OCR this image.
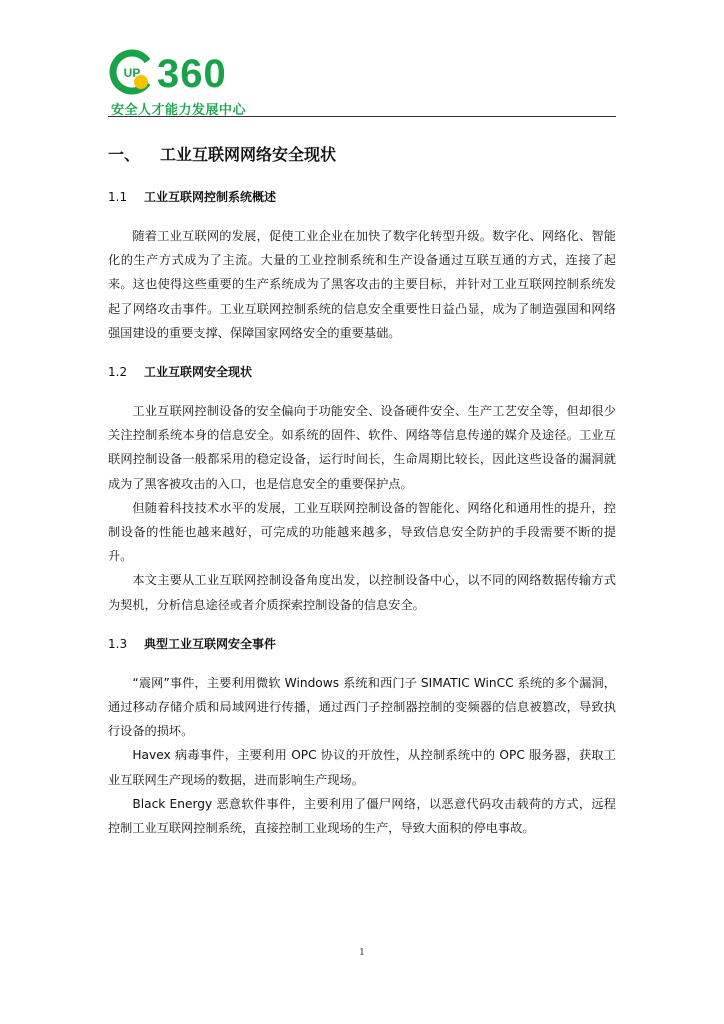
UP 360
安全人才能力发展中心
一、	工业互联网网络安全现状
1.1	工业互联网控制系统概述

随着工业互联网的发展，促使工业企业在加快了数字化转型升级。数字化、网络化、智能化的生产方式成为了主流。大量的工业控制系统和生产设备通过互联互通的方式，连接了起来。这也使得这些重要的生产系统成为了黑客攻击的主要目标，并针对工业互联网控制系统发起了网络攻击事件。工业互联网控制系统的信息安全重要性日益凸显，成为了制造强国和网络强国建设的重要支撑、保障国家网络安全的重要基础。

1.2	工业互联网安全现状

工业互联网控制设备的安全偏向于功能安全、设备硬件安全、生产工艺安全等，但却很少关注控制系统本身的信息安全。如系统的固件、软件、网络等信息传递的媒介及途径。工业互联网控制设备一般都采用的稳定设备，运行时间长，生命周期比较长，因此这些设备的漏洞就成为了黑客被攻击的入口，也是信息安全的重要保护点。

但随着科技技术水平的发展，工业互联网控制设备的智能化、网络化和通用性的提升，控制设备的性能也越来越好，可完成的功能越来越多，导致信息安全防护的手段需要不断的提升。

本文主要从工业互联网控制设备角度出发，以控制设备中心，以不同的网络数据传输方式为契机，分析信息途径或者介质探索控制设备的信息安全。

1.3	典型工业互联网安全事件

“震网”事件，主要利用微软 Windows 系统和西门子 SIMATIC WinCC 系统的多个漏洞，通过移动存储介质和局域网进行传播，通过西门子控制器控制的变频器的信息被篡改，导致执行设备的损坏。

Havex 病毒事件，主要利用 OPC 协议的开放性，从控制系统中的 OPC 服务器，获取工业互联网生产现场的数据，进而影响生产现场。

Black Energy 恶意软件事件，主要利用了僵尸网络，以恶意代码攻击载荷的方式，远程控制工业互联网控制系统，直接控制工业现场的生产，导致大面积的停电事故。

1
